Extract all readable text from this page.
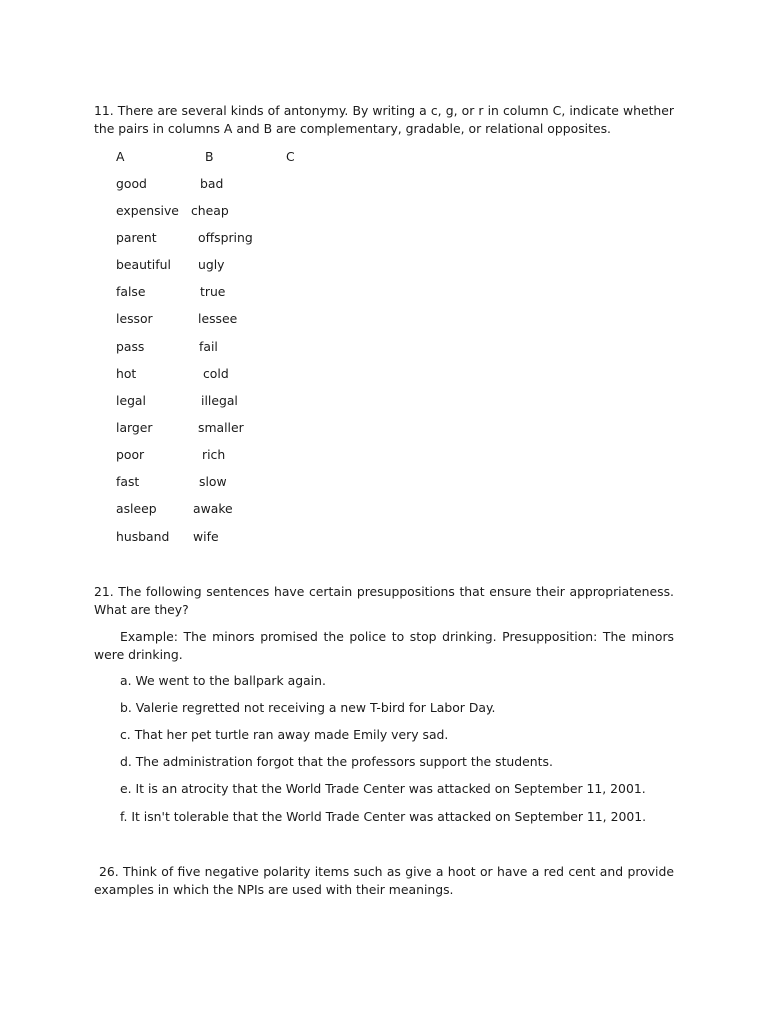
11. There are several kinds of antonymy. By writing a c, g, or r in column C, indicate whether the pairs in columns A and B are complementary, gradable, or relational opposites.

A	B	C
good	bad
expensive cheap
parent	offspring
beautiful ugly
false	true
lessor	lessee
pass	fail
hot	cold
legal	illegal
larger	smaller
poor	rich
fast	slow
asleep	awake
husband wife

21. The following sentences have certain presuppositions that ensure their appropriateness. What are they?

Example: The minors promised the police to stop drinking. Presupposition: The minors were drinking.

a. We went to the ballpark again.
b. Valerie regretted not receiving a new T-bird for Labor Day.
c. That her pet turtle ran away made Emily very sad.
d. The administration forgot that the professors support the students.
e. It is an atrocity that the World Trade Center was attacked on September 11, 2001.
f. It isn't tolerable that the World Trade Center was attacked on September 11, 2001.

26. Think of five negative polarity items such as give a hoot or have a red cent and provide examples in which the NPIs are used with their meanings.
